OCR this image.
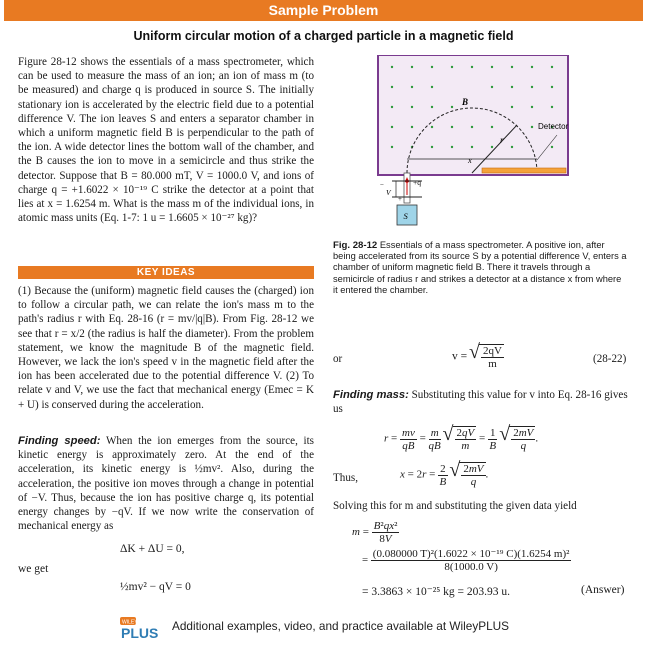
Sample Problem
Uniform circular motion of a charged particle in a magnetic field

Figure 28-12 shows the essentials of a mass spectrometer, which can be used to measure the mass of an ion; an ion of mass m (to be measured) and charge q is produced in source S. The initially stationary ion is accelerated by the electric field due to a potential difference V. The ion leaves S and enters a separator chamber in which a uniform magnetic field B is perpendicular to the path of the ion. A wide detector lines the bottom wall of the chamber, and the B causes the ion to move in a semicircle and thus strike the detector. Suppose that B = 80.000 mT, V = 1000.0 V, and ions of charge q = +1.6022 × 10⁻¹⁹ C strike the detector at a point that lies at x = 1.6254 m. What is the mass m of the individual ions, in atomic mass units (Eq. 1-7: 1 u = 1.6605 × 10⁻²⁷ kg)?

KEY IDEAS

(1) Because the (uniform) magnetic field causes the (charged) ion to follow a circular path, we can relate the ion's mass m to the path's radius r with Eq. 28-16 (r = mv/|q|B). From Fig. 28-12 we see that r = x/2 (the radius is half the diameter). From the problem statement, we know the magnitude B of the magnetic field. However, we lack the ion's speed v in the magnetic field after the ion has been accelerated due to the potential difference V. (2) To relate v and V, we use the fact that mechanical energy (Emec = K + U) is conserved during the acceleration.

Finding speed: When the ion emerges from the source, its kinetic energy is approximately zero. At the end of the acceleration, its kinetic energy is ½mv². Also, during the acceleration, the positive ion moves through a change in potential of −V. Thus, because the ion has positive charge q, its potential energy changes by −qV. If we now write the conservation of mechanical energy as

ΔK + ΔU = 0,
we get
½mv² − qV = 0
Detector
B
r
x
+q
−
V
+
S
Fig. 28-12 Essentials of a mass spectrometer. A positive ion, after being accelerated from its source S by a potential difference V, enters a chamber of uniform magnetic field B. There it travels through a semicircle of radius r and strikes a detector at a distance x from where it entered the chamber.
or	v = √ $\frac{2qV}{m}$	(28-22)
Finding mass: Substituting this value for v into Eq. 28-16 gives us
$r = \frac{mv}{qB} = \frac{m}{qB}$
√ $\frac{2qV}{m} = \frac{1}{B}$
√ $\frac{2mV}{q}$ .
Thus,	$x = 2r = \frac{2}{B}$
√ $\frac{2mV}{q}$ .
Solving this for m and substituting the given data yield
$m = \frac{\text{B²qx²}}{8V}$
= $\frac{\text{(0.080000 T)²(1.6022 × 10⁻¹⁹ C)(1.6254 m)²}}{8(1000.0 V)}$
= 3.3863 × 10⁻²⁵ kg = 203.93 u.	(Answer)
WILEY
PLUS Additional examples, video, and practice available at WileyPLUS
